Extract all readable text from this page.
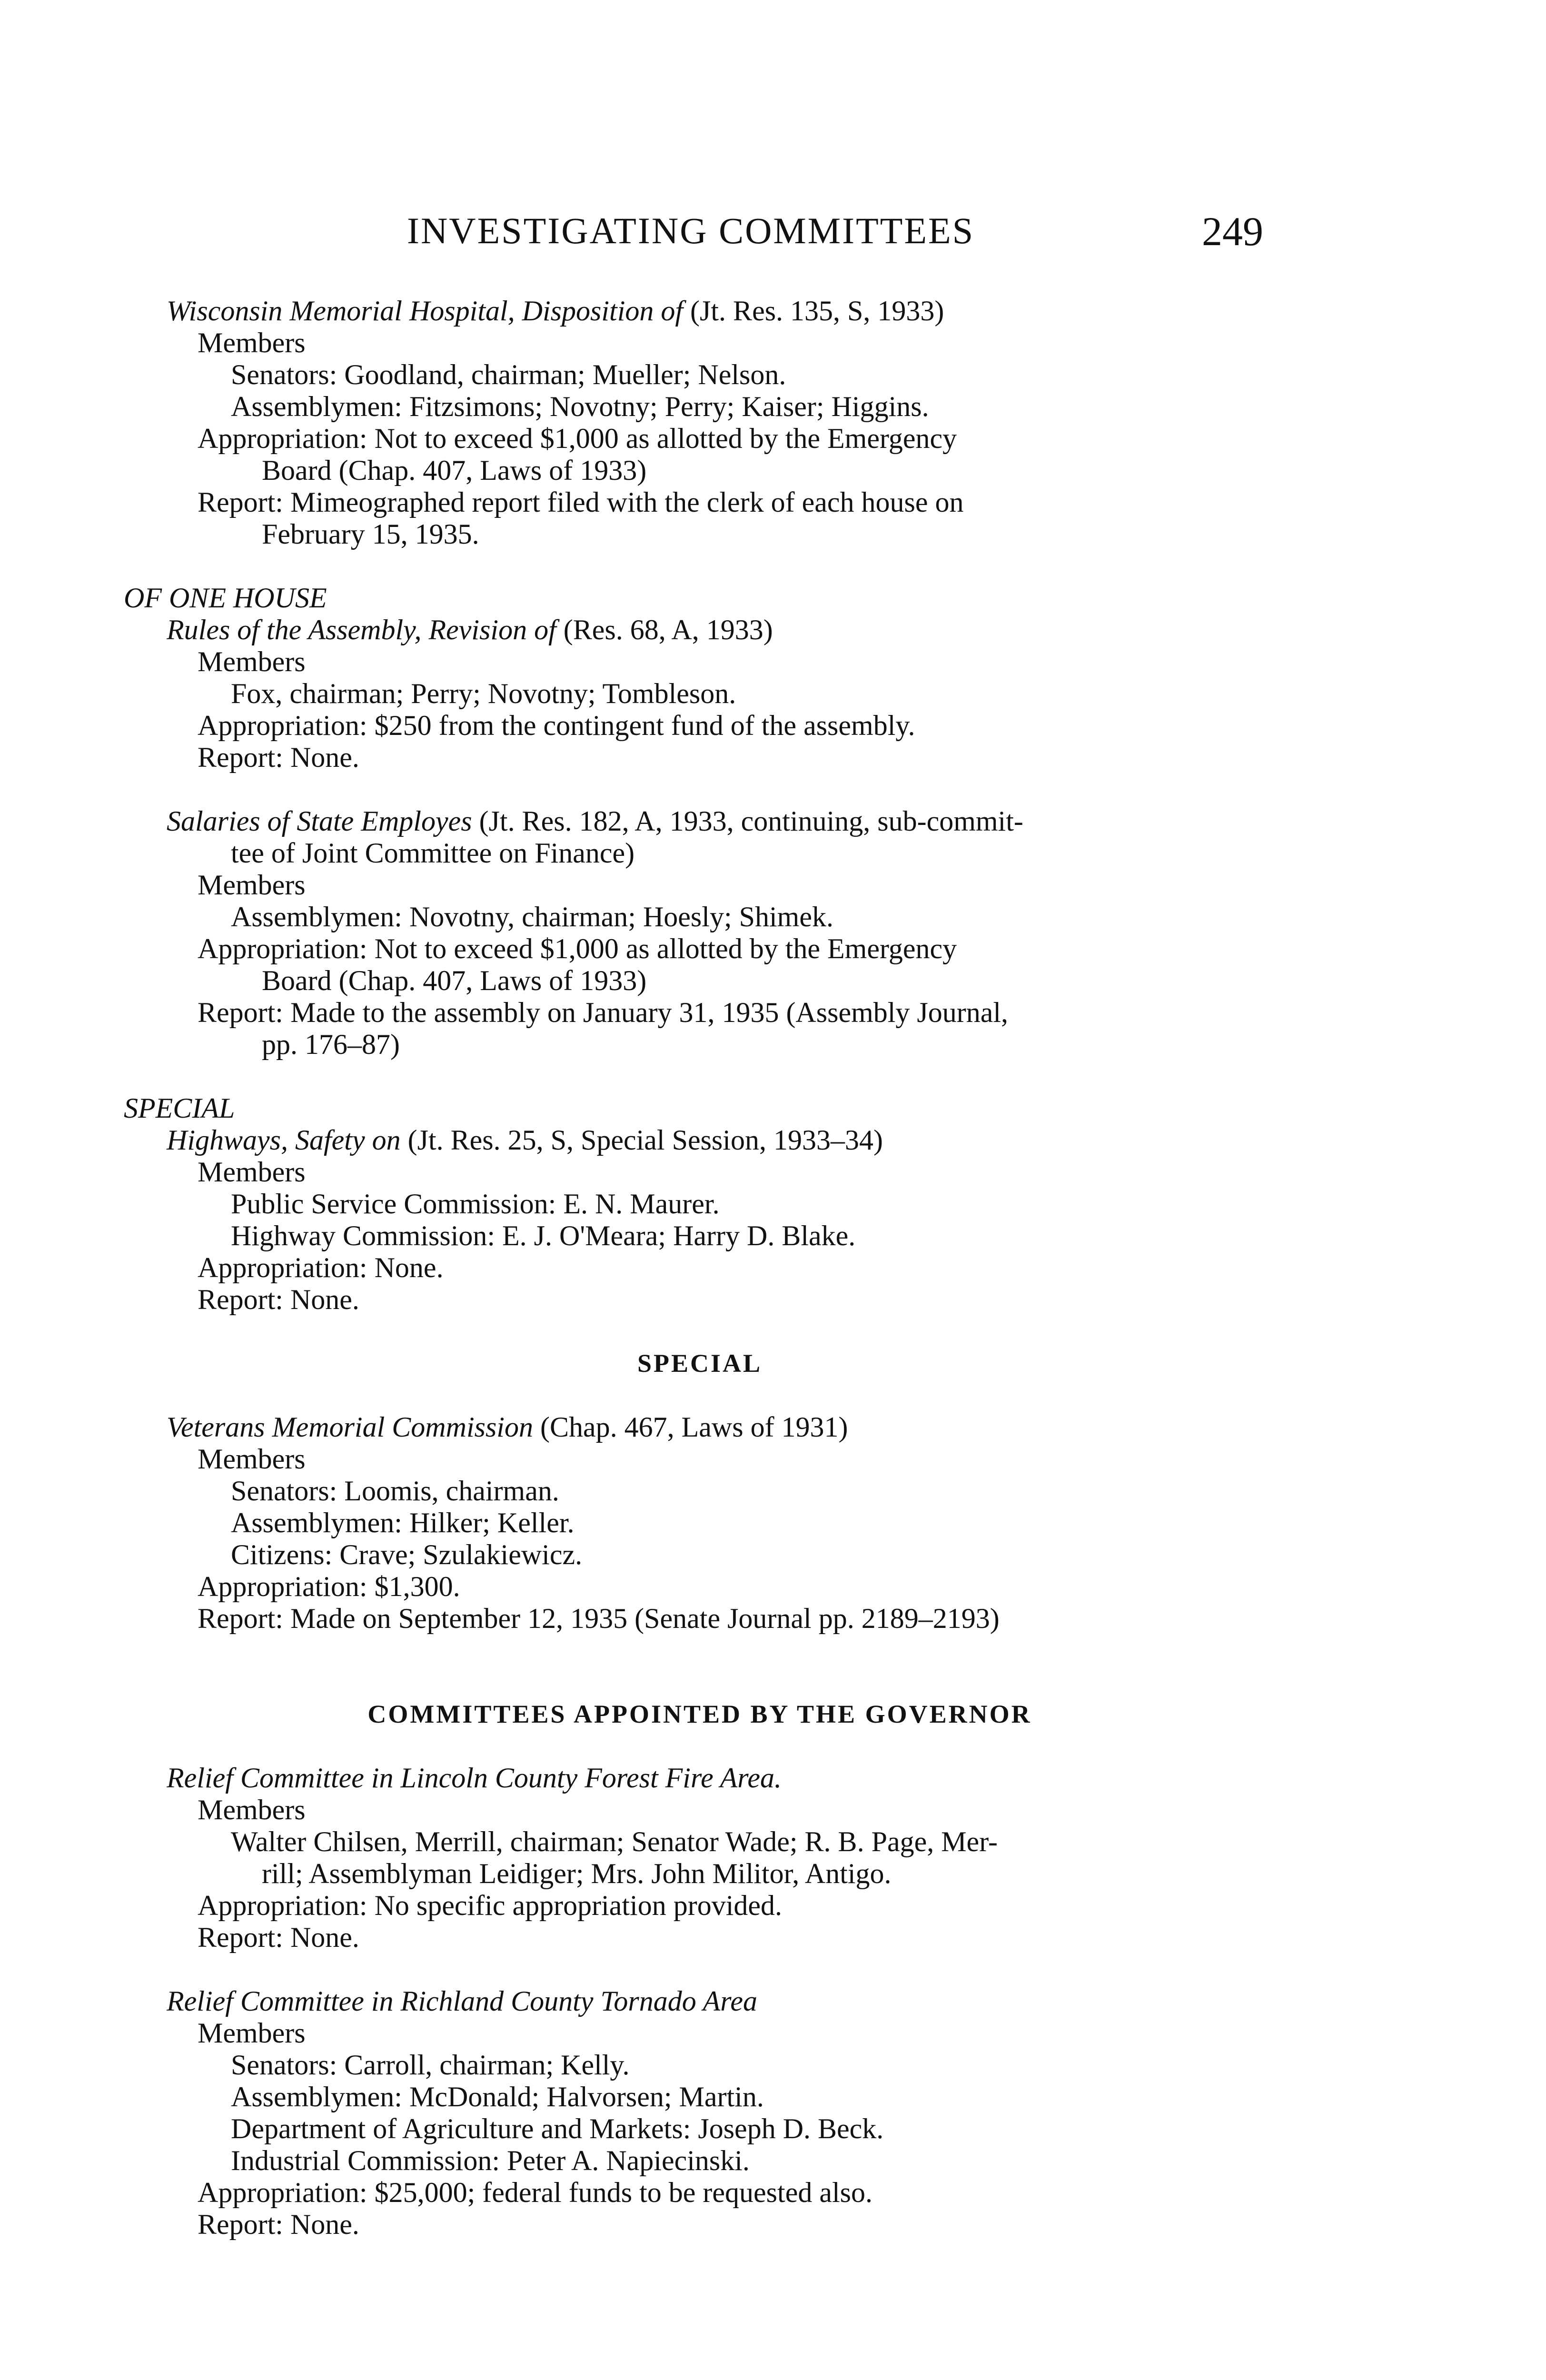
INVESTIGATING COMMITTEES	249
Wisconsin Memorial Hospital, Disposition of (Jt. Res. 135, S, 1933)
Members
Senators: Goodland, chairman; Mueller; Nelson.
Assemblymen: Fitzsimons; Novotny; Perry; Kaiser; Higgins.
Appropriation: Not to exceed $1,000 as allotted by the Emergency
Board (Chap. 407, Laws of 1933)
Report: Mimeographed report filed with the clerk of each house on
February 15, 1935.
OF ONE HOUSE
Rules of the Assembly, Revision of (Res. 68, A, 1933)
Members
Fox, chairman; Perry; Novotny; Tombleson.
Appropriation: $250 from the contingent fund of the assembly.
Report: None.
Salaries of State Employes (Jt. Res. 182, A, 1933, continuing, sub-commit-
tee of Joint Committee on Finance)
Members
Assemblymen: Novotny, chairman; Hoesly; Shimek.
Appropriation: Not to exceed $1,000 as allotted by the Emergency
Board (Chap. 407, Laws of 1933)
Report: Made to the assembly on January 31, 1935 (Assembly Journal,
pp. 176–87)
SPECIAL
Highways, Safety on (Jt. Res. 25, S, Special Session, 1933–34)
Members
Public Service Commission: E. N. Maurer.
Highway Commission: E. J. O'Meara; Harry D. Blake.
Appropriation: None.
Report: None.
SPECIAL
Veterans Memorial Commission (Chap. 467, Laws of 1931)
Members
Senators: Loomis, chairman.
Assemblymen: Hilker; Keller.
Citizens: Crave; Szulakiewicz.
Appropriation: $1,300.
Report: Made on September 12, 1935 (Senate Journal pp. 2189–2193)
COMMITTEES APPOINTED BY THE GOVERNOR
Relief Committee in Lincoln County Forest Fire Area.
Members
Walter Chilsen, Merrill, chairman; Senator Wade; R. B. Page, Mer-
rill; Assemblyman Leidiger; Mrs. John Militor, Antigo.
Appropriation: No specific appropriation provided.
Report: None.
Relief Committee in Richland County Tornado Area
Members
Senators: Carroll, chairman; Kelly.
Assemblymen: McDonald; Halvorsen; Martin.
Department of Agriculture and Markets: Joseph D. Beck.
Industrial Commission: Peter A. Napiecinski.
Appropriation: $25,000; federal funds to be requested also.
Report: None.
